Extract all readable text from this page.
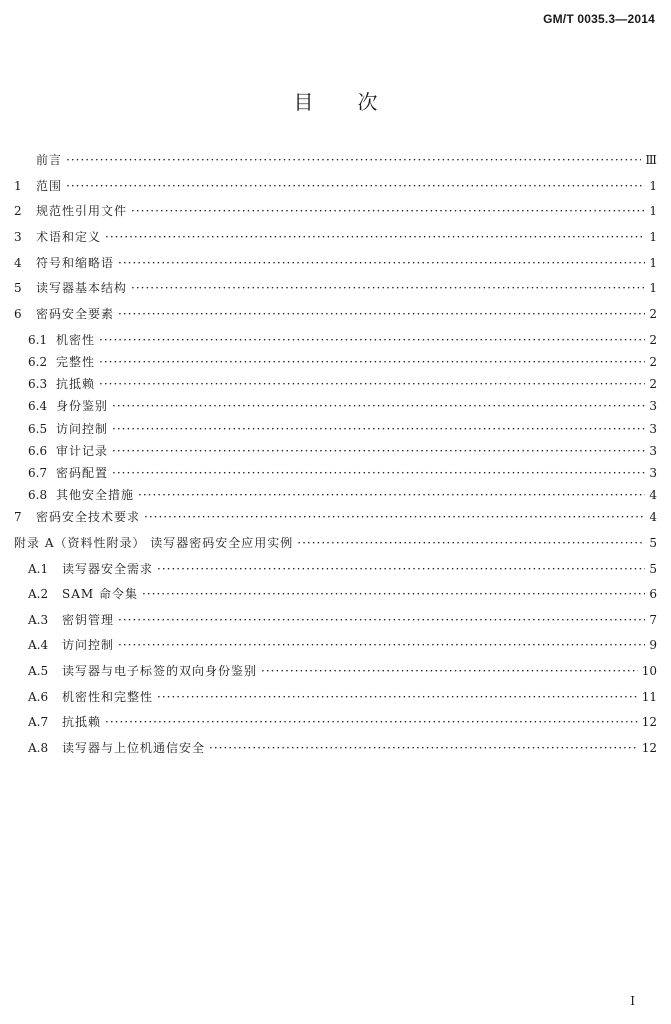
GM/T 0035.3—2014
目次
前言 ·····	Ⅲ
1	范围 ·····	1
2	规范性引用文件 ·····	1
3	术语和定义 ·····	1
4	符号和缩略语 ·····	1
5	读写器基本结构 ·····	1
6	密码安全要素 ·····	2
6.1 机密性 ·····	2
6.2 完整性 ·····	2
6.3 抗抵赖 ·····	2
6.4 身份鉴别 ·····	3
6.5 访问控制 ·····	3
6.6 审计记录 ·····	3
6.7 密码配置 ·····	3
6.8 其他安全措施 ·····	4
7	密码安全技术要求 ·····	4
附录 A（资料性附录） 读写器密码安全应用实例 ·····	5
A.1	读写器安全需求 ·····	5
A.2	SAM 命令集 ·····	6
A.3	密钥管理 ·····	7
A.4	访问控制 ·····	9
A.5	读写器与电子标签的双向身份鉴别 ·····	10
A.6	机密性和完整性 ·····	11
A.7	抗抵赖 ·····	12
A.8	读写器与上位机通信安全 ·····	12
I
